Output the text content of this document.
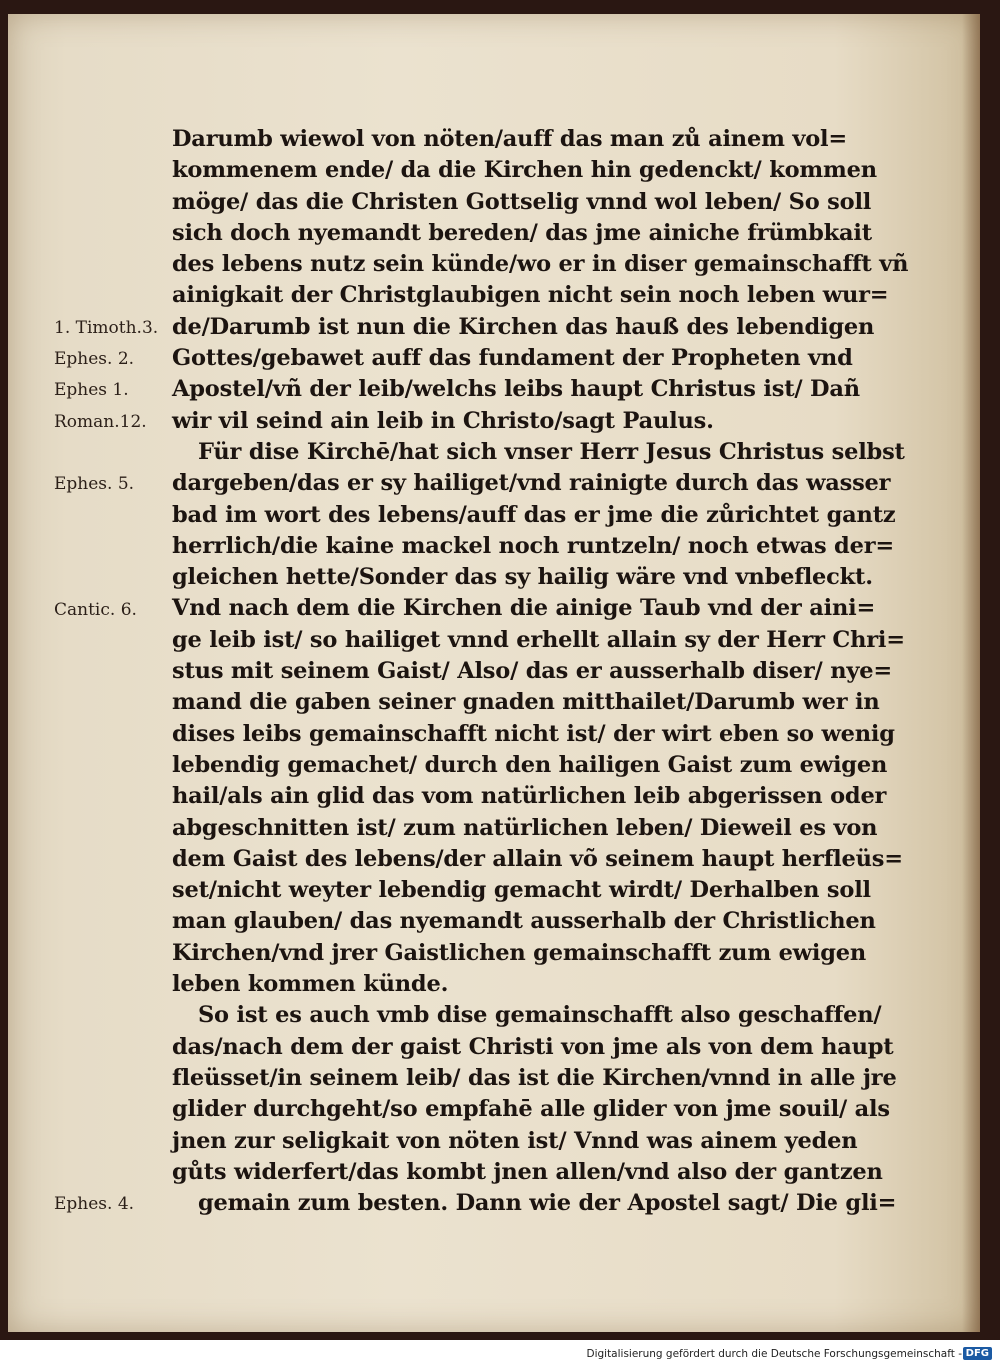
Darumb wiewol von nöten/auff das man zů ainem vol=
kommenem ende/ da die Kirchen hin gedenckt/ kommen
möge/ das die Christen Gottselig vnnd wol leben/ So soll
sich doch nyemandt bereden/ das jme ainiche frümbkait
des lebens nutz sein künde/wo er in diser gemainschafft vñ
ainigkait der Christglaubigen nicht sein noch leben wur=
de/Darumb ist nun die Kirchen das hauß des lebendigen
Gottes/gebawet auff das fundament der Propheten vnd
Apostel/vñ der leib/welchs leibs haupt Christus ist/ Dañ
wir vil seind ain leib in Christo/sagt Paulus.
Für dise Kirchē/hat sich vnser Herr Jesus Christus selbst
dargeben/das er sy hailiget/vnd rainigte durch das wasser
bad im wort des lebens/auff das er jme die zůrichtet gantz
herrlich/die kaine mackel noch runtzeln/ noch etwas der=
gleichen hette/Sonder das sy hailig wäre vnd vnbefleckt.
Vnd nach dem die Kirchen die ainige Taub vnd der aini=
ge leib ist/ so hailiget vnnd erhellt allain sy der Herr Chri=
stus mit seinem Gaist/ Also/ das er ausserhalb diser/ nye=
mand die gaben seiner gnaden mitthailet/Darumb wer in
dises leibs gemainschafft nicht ist/ der wirt eben so wenig
lebendig gemachet/ durch den hailigen Gaist zum ewigen
hail/als ain glid das vom natürlichen leib abgerissen oder
abgeschnitten ist/ zum natürlichen leben/ Dieweil es von
dem Gaist des lebens/der allain võ seinem haupt herfleüs=
set/nicht weyter lebendig gemacht wirdt/ Derhalben soll
man glauben/ das nyemandt ausserhalb der Christlichen
Kirchen/vnd jrer Gaistlichen gemainschafft zum ewigen
leben kommen künde.
So ist es auch vmb dise gemainschafft also geschaffen/
das/nach dem der gaist Christi von jme als von dem haupt
fleüsset/in seinem leib/ das ist die Kirchen/vnnd in alle jre
glider durchgeht/so empfahē alle glider von jme souil/ als
jnen zur seligkait von nöten ist/ Vnnd was ainem yeden
gůts widerfert/das kombt jnen allen/vnd also der gantzen
gemain zum besten. Dann wie der Apostel sagt/ Die gli=
1. Timoth.3.
Ephes. 2.
Ephes 1.
Roman.12.
Ephes. 5.
Cantic. 6.
Ephes. 4.
Digitalisierung gefördert durch die Deutsche Forschungsgemeinschaft - DFG
